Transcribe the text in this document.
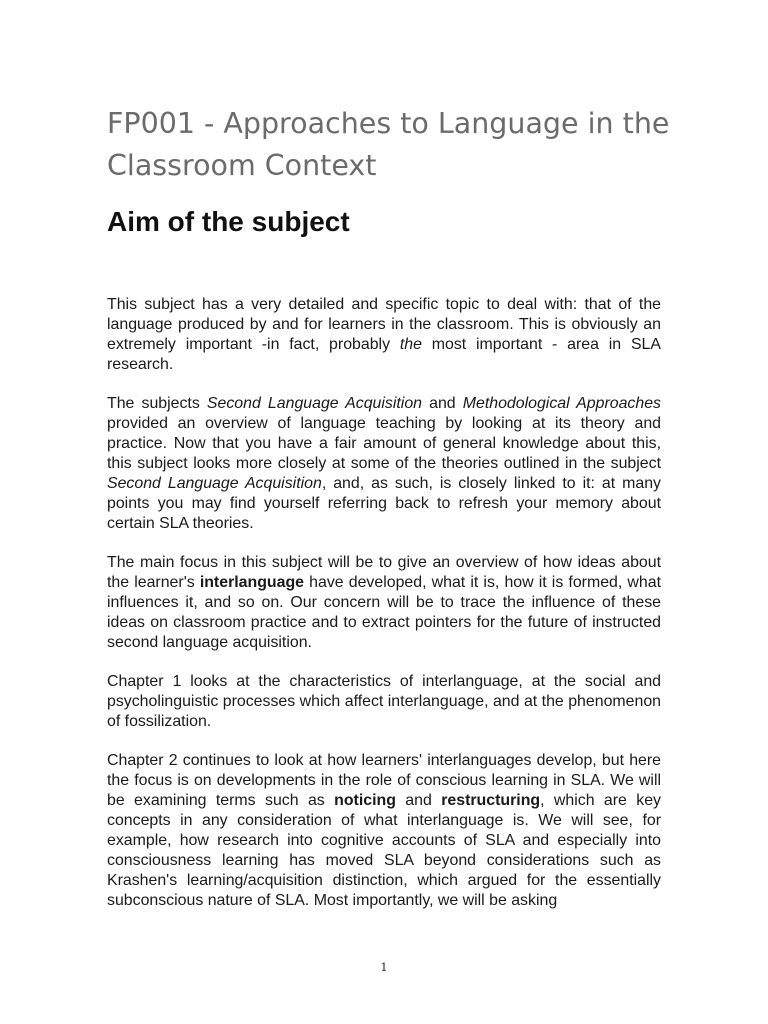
FP001 - Approaches to Language in the Classroom Context
Aim of the subject

This subject has a very detailed and specific topic to deal with: that of the language produced by and for learners in the classroom. This is obviously an extremely important -in fact, probably the most important - area in SLA research.

The subjects Second Language Acquisition and Methodological Approaches provided an overview of language teaching by looking at its theory and practice. Now that you have a fair amount of general knowledge about this, this subject looks more closely at some of the theories outlined in the subject Second Language Acquisition, and, as such, is closely linked to it: at many points you may find yourself referring back to refresh your memory about certain SLA theories.

The main focus in this subject will be to give an overview of how ideas about the learner's interlanguage have developed, what it is, how it is formed, what influences it, and so on. Our concern will be to trace the influence of these ideas on classroom practice and to extract pointers for the future of instructed second language acquisition.

Chapter 1 looks at the characteristics of interlanguage, at the social and psycholinguistic processes which affect interlanguage, and at the phenomenon of fossilization.

Chapter 2 continues to look at how learners' interlanguages develop, but here the focus is on developments in the role of conscious learning in SLA. We will be examining terms such as noticing and restructuring, which are key concepts in any consideration of what interlanguage is. We will see, for example, how research into cognitive accounts of SLA and especially into consciousness learning has moved SLA beyond considerations such as Krashen's learning/acquisition distinction, which argued for the essentially subconscious nature of SLA. Most importantly, we will be asking

1
